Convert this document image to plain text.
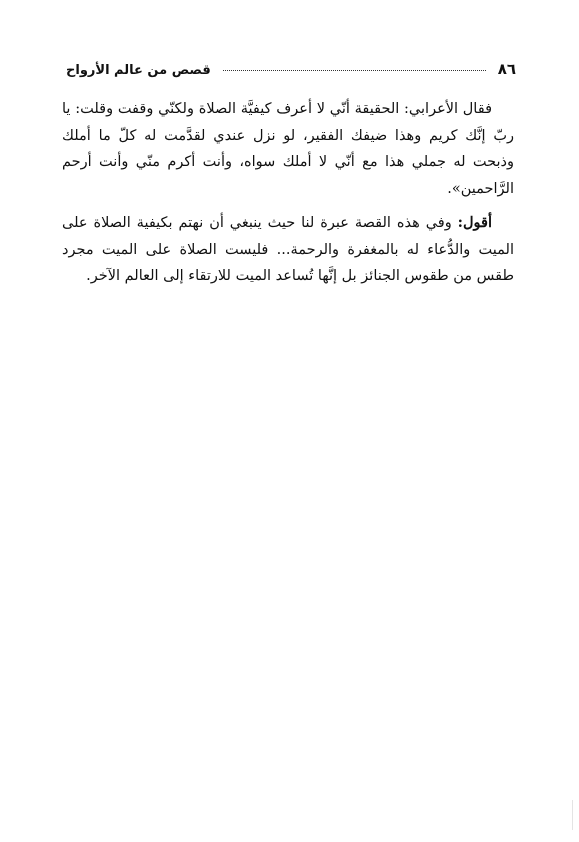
٨٦
قصص من عالم الأرواح

فقال الأعرابي: الحقيقة أنّي لا أعرف كيفيَّة الصلاة ولكنّي وقفت وقلت: يا ربّ إنَّك كريم وهذا ضيفك الفقير، لو نزل عندي لقدَّمت له كلّ ما أملك وذبحت له جملي هذا مع أنّي لا أملك سواه، وأنت أكرم منّي وأنت أرحم الرَّاحمين».

أقول: وفي هذه القصة عبرة لنا حيث ينبغي أن نهتم بكيفية الصلاة على الميت والدُّعاء له بالمغفرة والرحمة... فليست الصلاة على الميت مجرد طقس من طقوس الجنائز بل إنَّها تُساعد الميت للارتقاء إلى العالم الآخر.
